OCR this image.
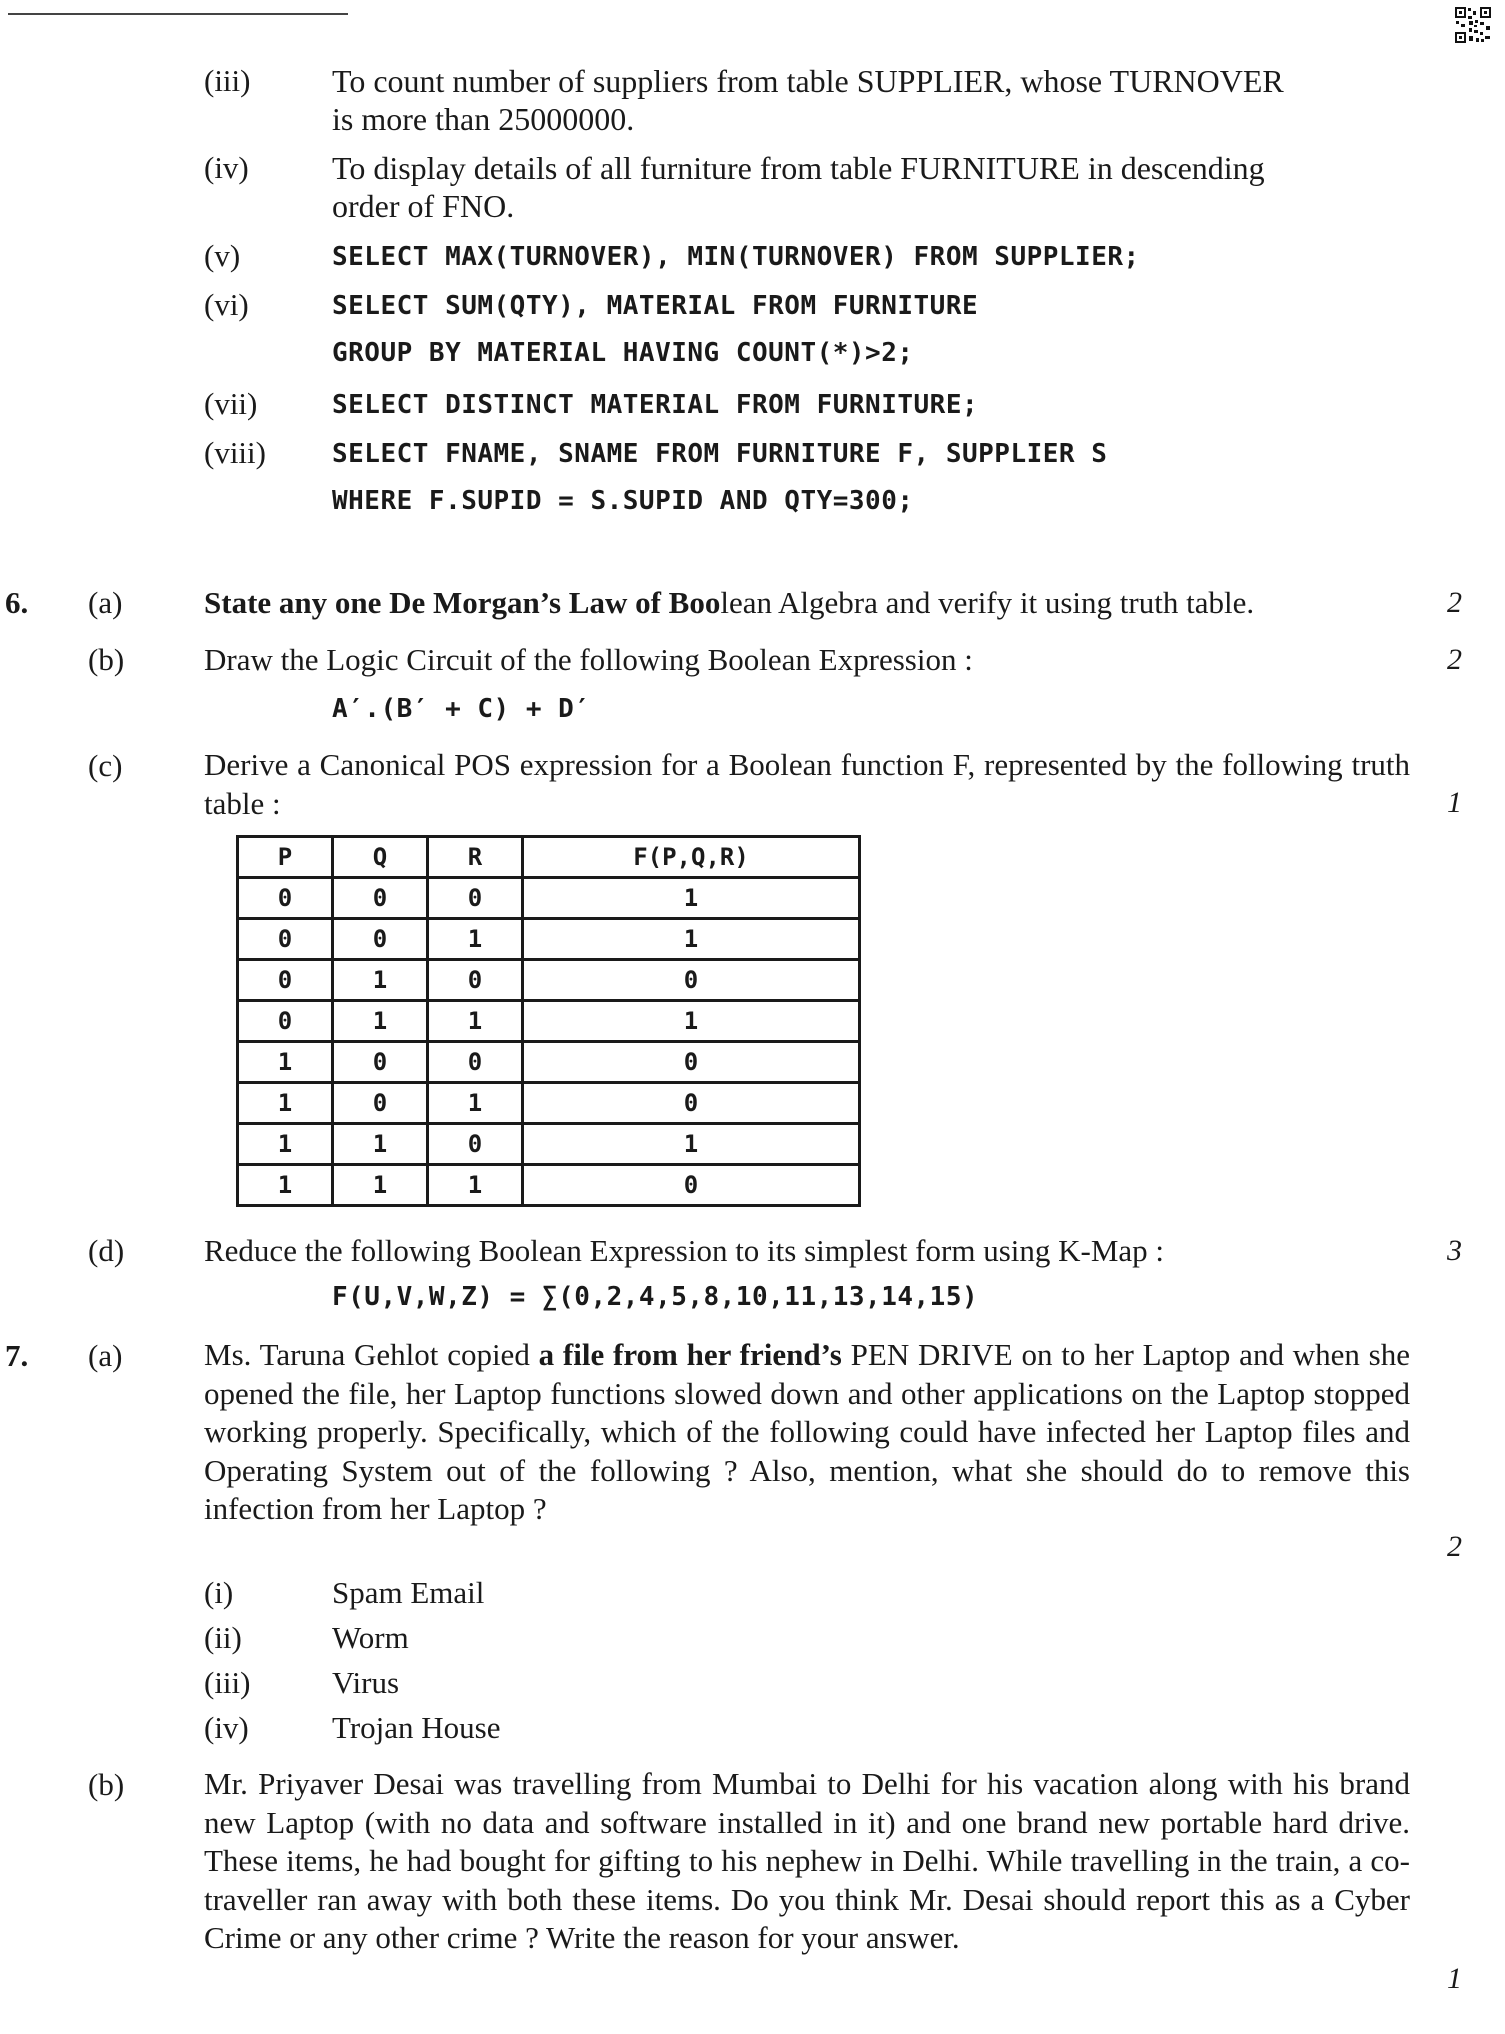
(iii)	To count number of suppliers from table SUPPLIER, whose TURNOVER
is more than 25000000.
(iv)	To display details of all furniture from table FURNITURE in descending
order of FNO.
(v)	SELECT MAX(TURNOVER), MIN(TURNOVER) FROM SUPPLIER;
(vi)	SELECT SUM(QTY), MATERIAL FROM FURNITURE
GROUP BY MATERIAL HAVING COUNT(*)>2;
(vii)	SELECT DISTINCT MATERIAL FROM FURNITURE;
(viii)	SELECT FNAME, SNAME FROM FURNITURE F, SUPPLIER S
WHERE F.SUPID = S.SUPID AND QTY=300;
6. (a)	State any one De Morgan’s Law of Boolean Algebra and verify it using truth table.	2
(b)	Draw the Logic Circuit of the following Boolean Expression :	2
A′.(B′ + C) + D′
(c)	Derive a Canonical POS expression for a Boolean function F, represented by the following truth table :	1
P	Q	R	F(P,Q,R)
0	0	0	1
0	0	1	1
0	1	0	0
0	1	1	1
1	0	0	0
1	0	1	0
1	1	0	1
1	1	1	0
(d)	Reduce the following Boolean Expression to its simplest form using K-Map :	3
F(U,V,W,Z) = ∑(0,2,4,5,8,10,11,13,14,15)
7. (a)	Ms. Taruna Gehlot copied a file from her friend’s PEN DRIVE on to her Laptop and when she opened the file, her Laptop functions slowed down and other applications on the Laptop stopped working properly. Specifically, which of the following could have infected her Laptop files and Operating System out of the following ? Also, mention, what she should do to remove this infection from her Laptop ?
2
(i)	Spam Email
(ii)	Worm
(iii)	Virus
(iv)	Trojan House
(b)	Mr. Priyaver Desai was travelling from Mumbai to Delhi for his vacation along with his brand new Laptop (with no data and software installed in it) and one brand new portable hard drive. These items, he had bought for gifting to his nephew in Delhi. While travelling in the train, a co-traveller ran away with both these items. Do you think Mr. Desai should report this as a Cyber Crime or any other crime ? Write the reason for your answer.
1
